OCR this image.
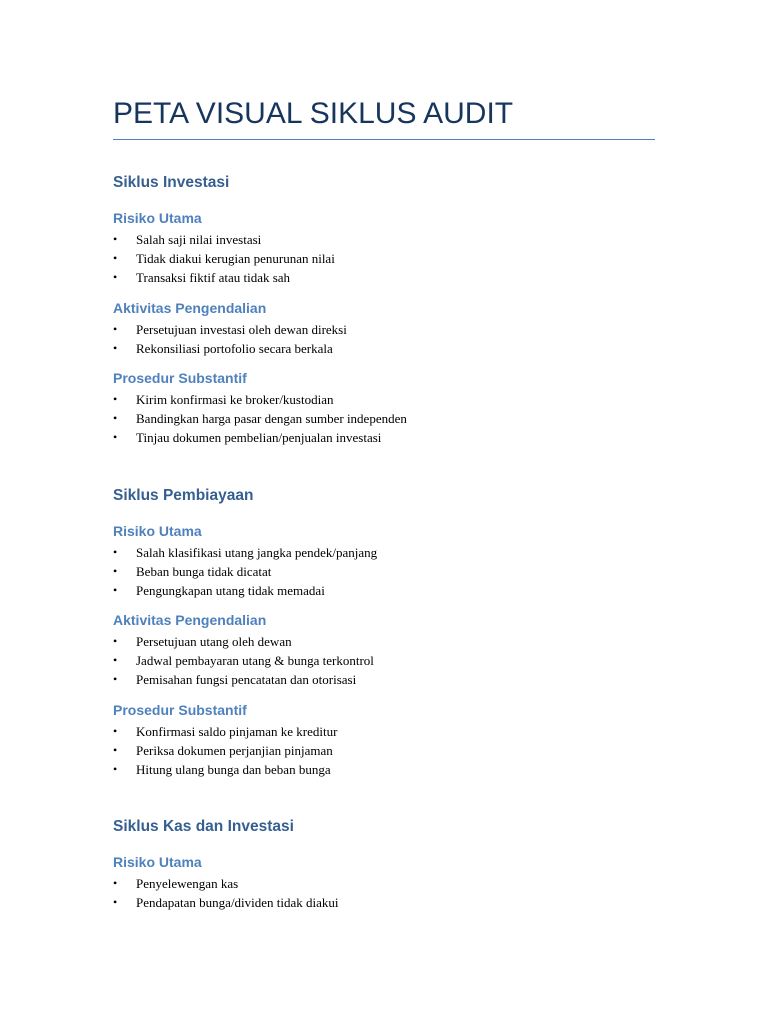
PETA VISUAL SIKLUS AUDIT
Siklus Investasi
Risiko Utama
• Salah saji nilai investasi
• Tidak diakui kerugian penurunan nilai
• Transaksi fiktif atau tidak sah
Aktivitas Pengendalian
• Persetujuan investasi oleh dewan direksi
• Rekonsiliasi portofolio secara berkala
Prosedur Substantif
• Kirim konfirmasi ke broker/kustodian
• Bandingkan harga pasar dengan sumber independen
• Tinjau dokumen pembelian/penjualan investasi
Siklus Pembiayaan
Risiko Utama
• Salah klasifikasi utang jangka pendek/panjang
• Beban bunga tidak dicatat
• Pengungkapan utang tidak memadai
Aktivitas Pengendalian
• Persetujuan utang oleh dewan
• Jadwal pembayaran utang & bunga terkontrol
• Pemisahan fungsi pencatatan dan otorisasi
Prosedur Substantif
• Konfirmasi saldo pinjaman ke kreditur
• Periksa dokumen perjanjian pinjaman
• Hitung ulang bunga dan beban bunga
Siklus Kas dan Investasi
Risiko Utama
• Penyelewengan kas
• Pendapatan bunga/dividen tidak diakui
